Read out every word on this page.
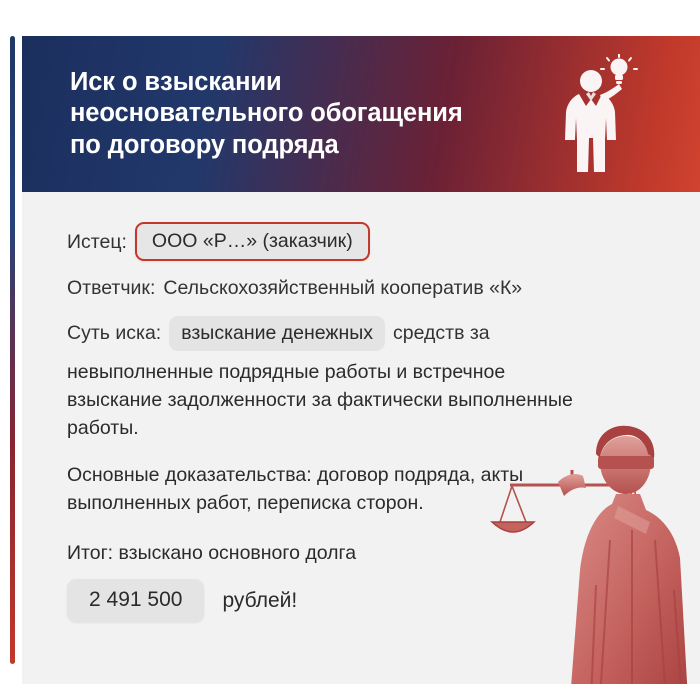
Иск о взыскании неосновательного обогащения по договору подряда
Истец:	ООО «Р…» (заказчик)
Ответчик: Сельскохозяйственный кооператив «К»
Суть иска:	взыскание денежных	средств за
невыполненные подрядные работы и встречное взыскание задолженности за фактически выполненные работы.
Основные доказательства: договор подряда, акты выполненных работ, переписка сторон.
Итог: взыскано основного долга
2 491 500	рублей!
